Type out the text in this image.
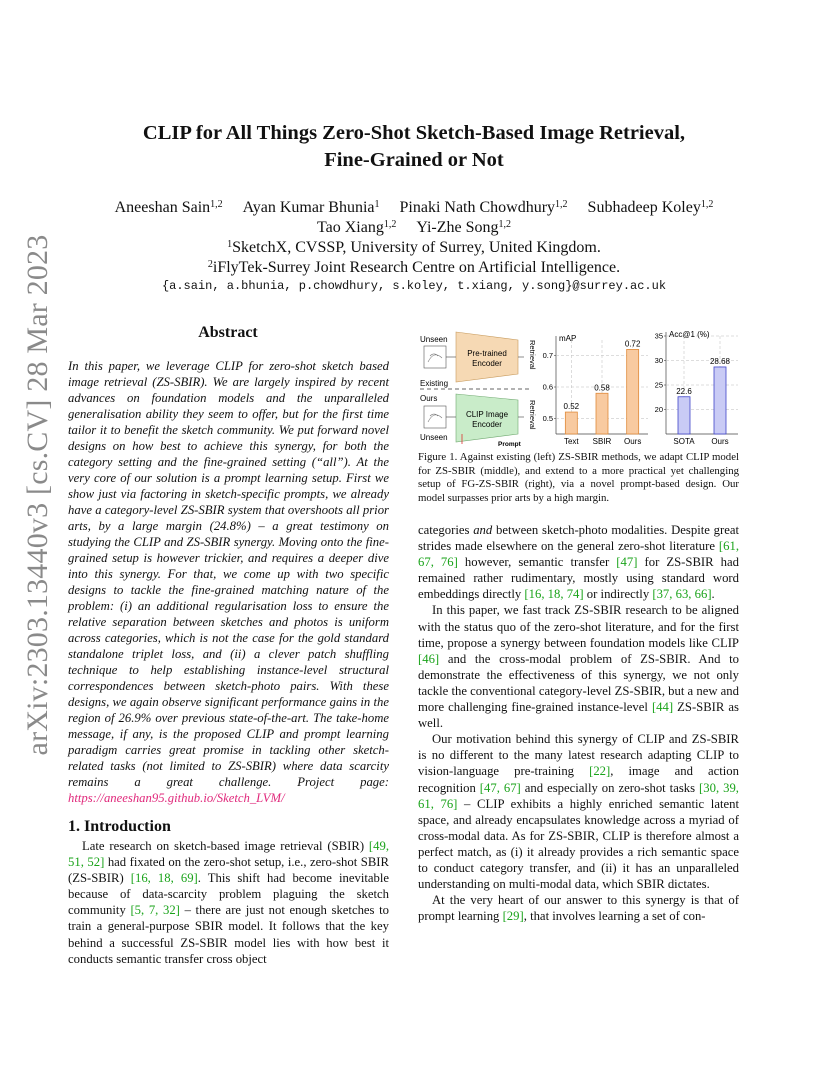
arXiv:2303.13440v3 [cs.CV] 28 Mar 2023
CLIP for All Things Zero-Shot Sketch-Based Image Retrieval,
Fine-Grained or Not
Aneeshan Sain$^{1,2}$ Ayan Kumar Bhunia$^1$ Pinaki Nath Chowdhury$^{1,2}$ Subhadeep Koley$^{1,2}$
Tao Xiang$^{1,2}$ Yi-Zhe Song$^{1,2}$
$^1$SketchX, CVSSP, University of Surrey, United Kingdom.
$^2$iFlyTek-Surrey Joint Research Centre on Artificial Intelligence.
{a.sain, a.bhunia, p.chowdhury, s.koley, t.xiang, y.song}@surrey.ac.uk
Abstract
In this paper, we leverage CLIP for zero-shot sketch based image retrieval (ZS-SBIR). We are largely inspired by recent advances on foundation models and the unparalleled generalisation ability they seem to offer, but for the first time tailor it to benefit the sketch community. We put forward novel designs on how best to achieve this synergy, for both the category setting and the fine-grained setting (“all”). At the very core of our solution is a prompt learning setup. First we show just via factoring in sketch-specific prompts, we already have a category-level ZS-SBIR system that overshoots all prior arts, by a large margin (24.8%) – a great testimony on studying the CLIP and ZS-SBIR synergy. Moving onto the fine-grained setup is however trickier, and requires a deeper dive into this synergy. For that, we come up with two specific designs to tackle the fine-grained matching nature of the problem: (i) an additional regularisation loss to ensure the relative separation between sketches and photos is uniform across categories, which is not the case for the gold standard standalone triplet loss, and (ii) a clever patch shuffling technique to help establishing instance-level structural correspondences between sketch-photo pairs. With these designs, we again observe significant performance gains in the region of 26.9% over previous state-of-the-art. The take-home message, if any, is the proposed CLIP and prompt learning paradigm carries great promise in tackling other sketch-related tasks (not limited to ZS-SBIR) where data scarcity remains a great challenge. Project page: https://aneeshan95.github.io/Sketch_LVM/
1. Introduction

Late research on sketch-based image retrieval (SBIR) [49, 51, 52] had fixated on the zero-shot setup, i.e., zero-shot SBIR (ZS-SBIR) [16, 18, 69]. This shift had become inevitable because of data-scarcity problem plaguing the sketch community [5, 7, 32] – there are just not enough sketches to train a general-purpose SBIR model. It follows that the key behind a successful ZS-SBIR model lies with how best it conducts semantic transfer cross object

Unseen
Pre-trained
Encoder	Retrieval
Existing
Ours
CLIP Image
Encoder	Retrieval
Unseen
Prompt
0.5
0.6
0.7
0.52
Text
0.58
SBIR
0.72
Ours
mAP
20
25
30
35
22.6
SOTA
28.68
Ours
Acc@1 (%)
Figure 1. Against existing (left) ZS-SBIR methods, we adapt CLIP model for ZS-SBIR (middle), and extend to a more practical yet challenging setup of FG-ZS-SBIR (right), via a novel prompt-based design. Our model surpasses prior arts by a high margin.

categories and between sketch-photo modalities. Despite great strides made elsewhere on the general zero-shot literature [61, 67, 76] however, semantic transfer [47] for ZS-SBIR had remained rather rudimentary, mostly using standard word embeddings directly [16, 18, 74] or indirectly [37, 63, 66].

In this paper, we fast track ZS-SBIR research to be aligned with the status quo of the zero-shot literature, and for the first time, propose a synergy between foundation models like CLIP [46] and the cross-modal problem of ZS-SBIR. And to demonstrate the effectiveness of this synergy, we not only tackle the conventional category-level ZS-SBIR, but a new and more challenging fine-grained instance-level [44] ZS-SBIR as well.

Our motivation behind this synergy of CLIP and ZS-SBIR is no different to the many latest research adapting CLIP to vision-language pre-training [22], image and action recognition [47, 67] and especially on zero-shot tasks [30, 39, 61, 76] – CLIP exhibits a highly enriched semantic latent space, and already encapsulates knowledge across a myriad of cross-modal data. As for ZS-SBIR, CLIP is therefore almost a perfect match, as (i) it already provides a rich semantic space to conduct category transfer, and (ii) it has an unparalleled understanding on multi-modal data, which SBIR dictates.

At the very heart of our answer to this synergy is that of prompt learning [29], that involves learning a set of con-
